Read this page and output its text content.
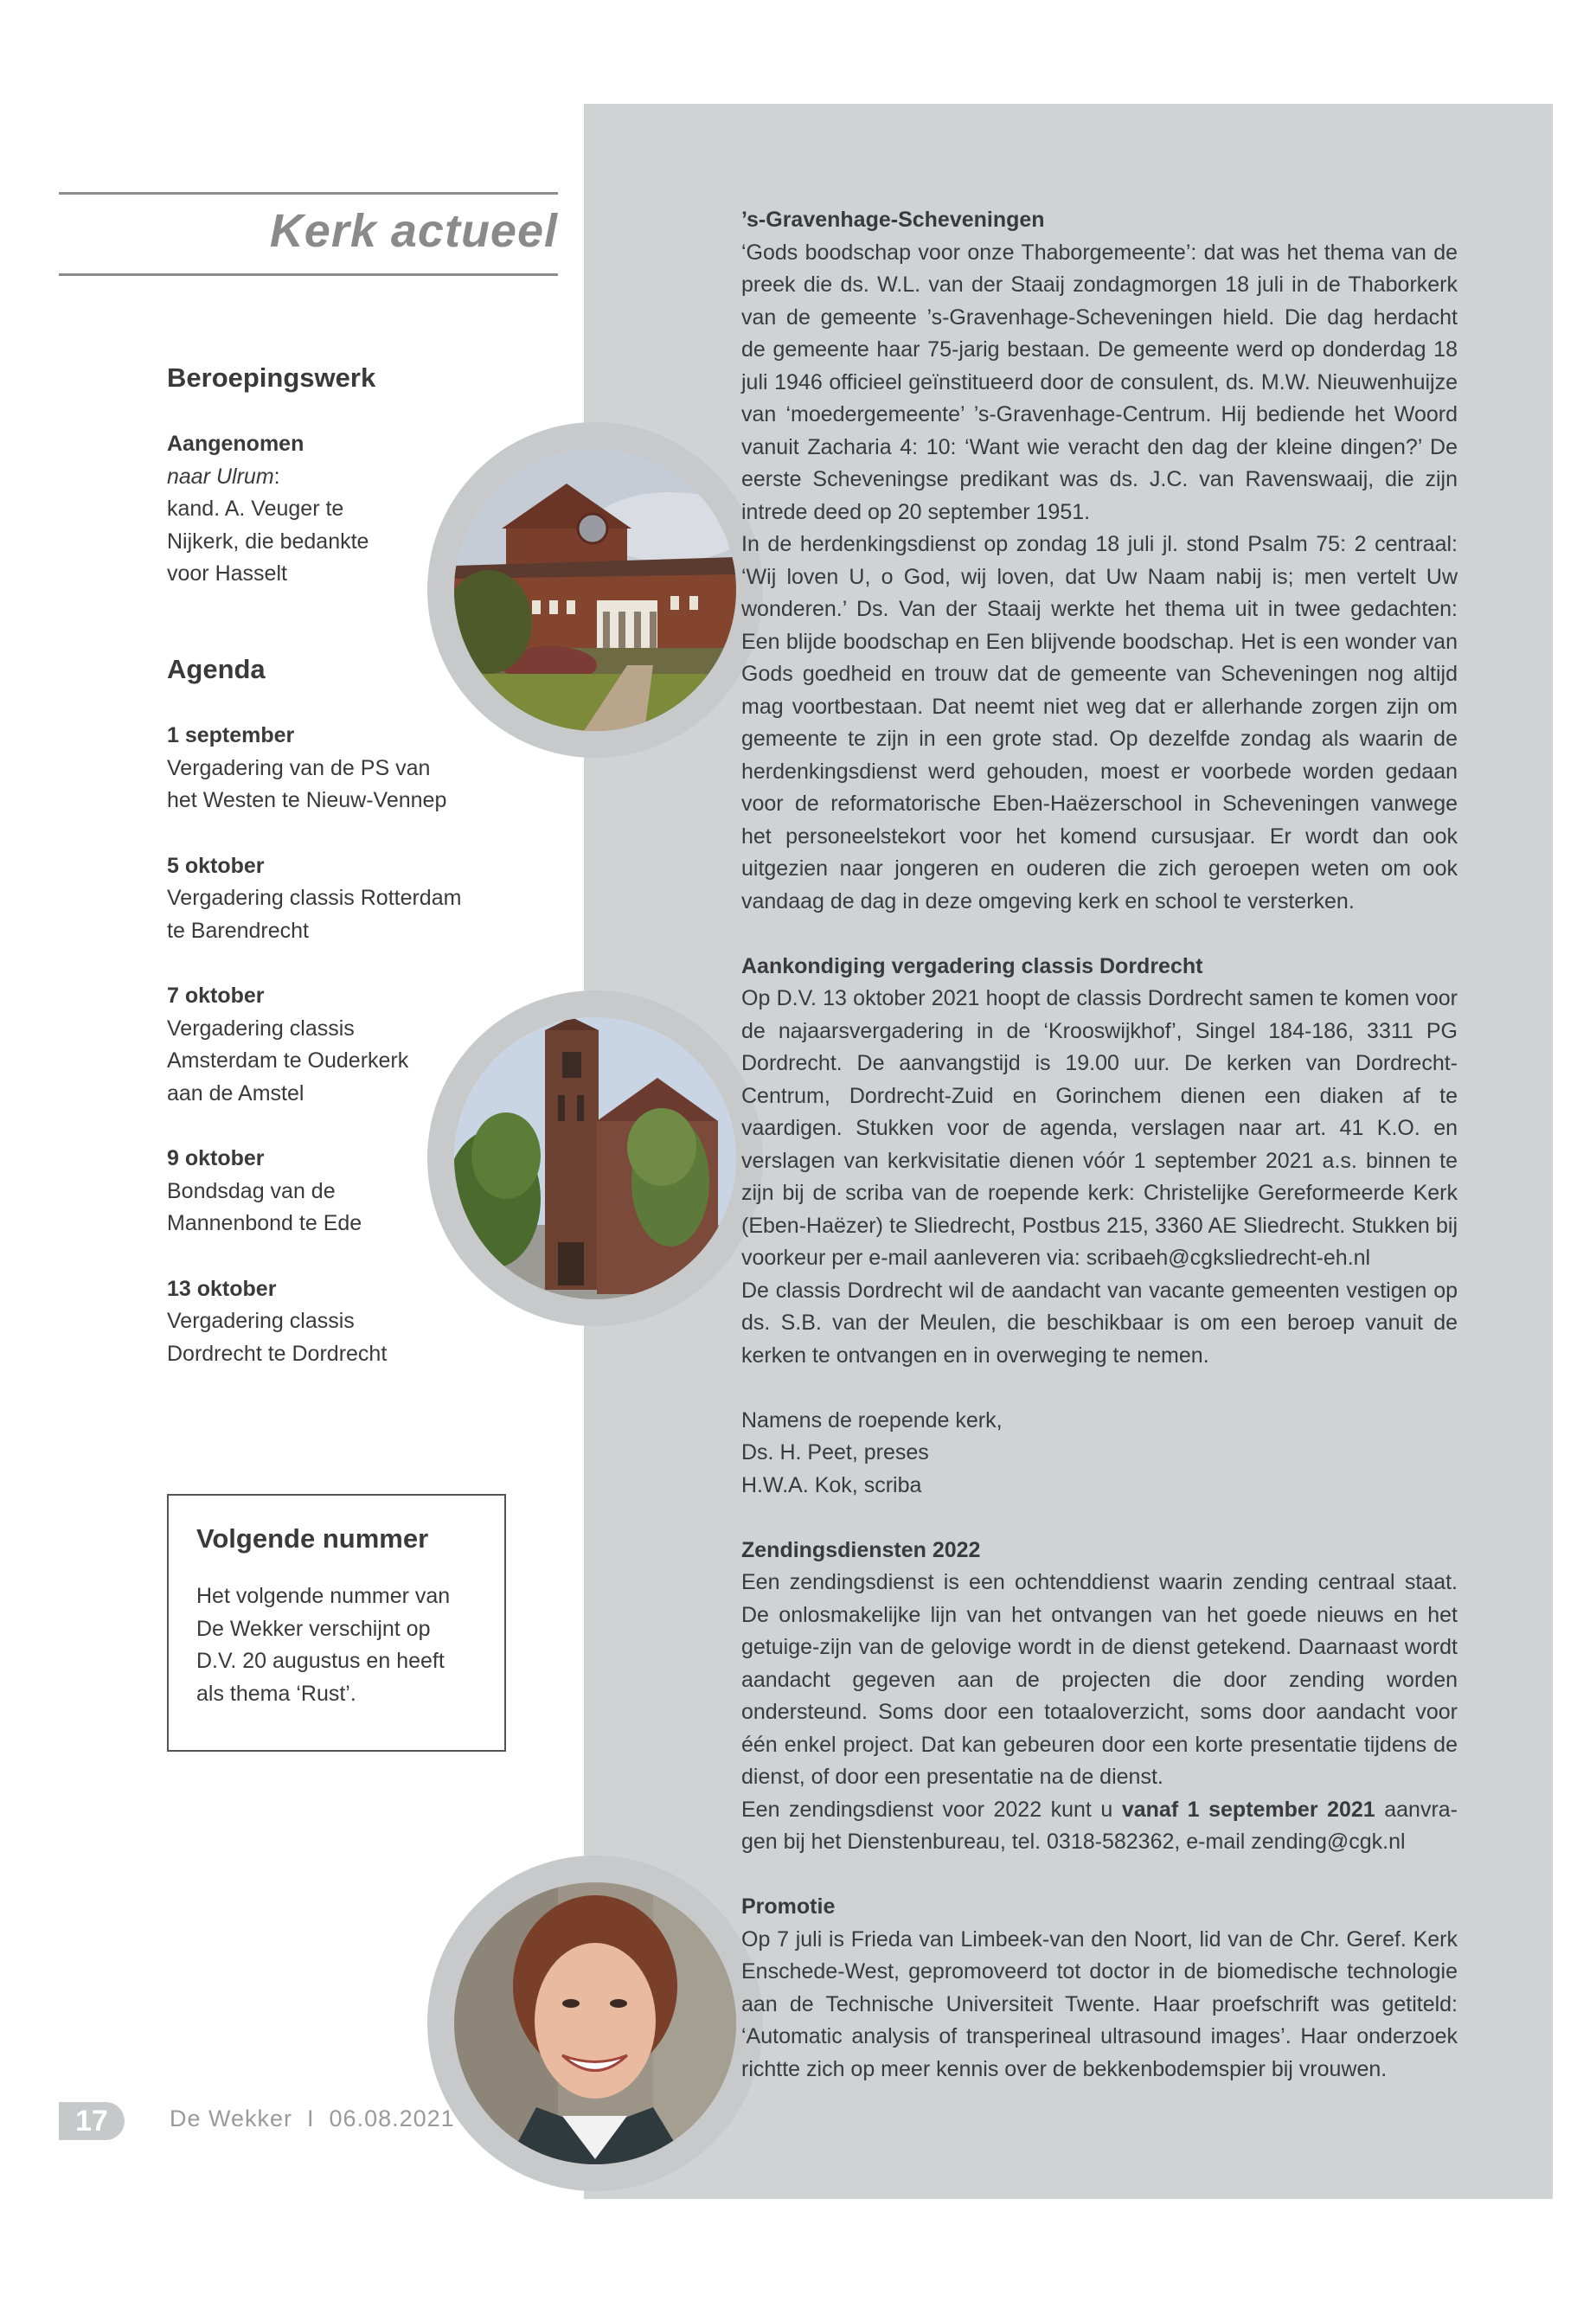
Kerk actueel
Beroepingswerk
Aangenomen
naar Ulrum:
kand. A. Veuger te
Nijkerk, die bedankte
voor Hasselt
Agenda
1 september
Vergadering van de PS van
het Westen te Nieuw-Vennep
5 oktober
Vergadering classis Rotterdam
te Barendrecht
7 oktober
Vergadering classis
Amsterdam te Ouderkerk
aan de Amstel
9 oktober
Bondsdag van de
Mannenbond te Ede
13 oktober
Vergadering classis
Dordrecht te Dordrecht
Volgende nummer
Het volgende nummer van
De Wekker verschijnt op
D.V. 20 augustus en heeft
als thema ‘Rust’.

’s-Gravenhage-Scheveningen

‘Gods boodschap voor onze Thaborgemeente’: dat was het thema van de preek die ds. W.L. van der Staaij zondagmorgen 18 juli in de Thaborkerk van de gemeente ’s-Gravenhage-Scheveningen hield. Die dag herdacht de gemeente haar 75-jarig bestaan. De gemeente werd op donderdag 18 juli 1946 officieel geïnstitueerd door de consulent, ds. M.W. Nieuwenhuijze van ‘moedergemeente’ ’s-Gravenhage-Centrum. Hij bediende het Woord vanuit Zacharia 4: 10: ‘Want wie veracht den dag der kleine dingen?’ De eerste Scheveningse predikant was ds. J.C. van Ravenswaaij, die zijn intrede deed op 20 september 1951.

In de herdenkingsdienst op zondag 18 juli jl. stond Psalm 75: 2 centraal: ‘Wij loven U, o God, wij loven, dat Uw Naam nabij is; men vertelt Uw wonderen.’ Ds. Van der Staaij werkte het thema uit in twee gedachten: Een blijde boodschap en Een blijvende boodschap. Het is een wonder van Gods goedheid en trouw dat de gemeente van Scheveningen nog altijd mag voortbestaan. Dat neemt niet weg dat er allerhande zorgen zijn om gemeente te zijn in een grote stad. Op dezelfde zondag als waarin de herdenkingsdienst werd gehouden, moest er voorbede worden gedaan voor de reformatorische Eben-Haëzerschool in Scheveningen vanwege het personeelstekort voor het komend cursusjaar. Er wordt dan ook uitgezien naar jongeren en ouderen die zich geroepen weten om ook vandaag de dag in deze omgeving kerk en school te versterken.

Aankondiging vergadering classis Dordrecht

Op D.V. 13 oktober 2021 hoopt de classis Dordrecht samen te komen voor de najaarsvergadering in de ‘Krooswijkhof’, Singel 184-186, 3311 PG Dordrecht. De aanvangstijd is 19.00 uur. De kerken van Dordrecht-Centrum, Dordrecht-Zuid en Gorinchem dienen een diaken af te vaardigen. Stukken voor de agenda, verslagen naar art. 41 K.O. en verslagen van kerkvisitatie dienen vóór 1 september 2021 a.s. binnen te zijn bij de scriba van de roepende kerk: Christelijke Gereformeerde Kerk (Eben-Haëzer) te Sliedrecht, Postbus 215, 3360 AE Sliedrecht. Stukken bij voorkeur per e-mail aanleveren via: scribaeh@cgksliedrecht-eh.nl

De classis Dordrecht wil de aandacht van vacante gemeenten vestigen op ds. S.B. van der Meulen, die beschikbaar is om een beroep vanuit de kerken te ontvangen en in overweging te nemen.

Namens de roepende kerk,

Ds. H. Peet, preses

H.W.A. Kok, scriba

Zendingsdiensten 2022

Een zendingsdienst is een ochtenddienst waarin zending centraal staat. De onlosmakelijke lijn van het ontvangen van het goede nieuws en het getuige-zijn van de gelovige wordt in de dienst getekend. Daarnaast wordt aandacht gegeven aan de projecten die door zending worden ondersteund. Soms door een totaaloverzicht, soms door aandacht voor één enkel project. Dat kan gebeuren door een korte presentatie tijdens de dienst, of door een presentatie na de dienst.

Een zendingsdienst voor 2022 kunt u vanaf 1 september 2021 aanvra-gen bij het Dienstenbureau, tel. 0318-582362, e-mail zending@cgk.nl

Promotie

Op 7 juli is Frieda van Limbeek-van den Noort, lid van de Chr. Geref. Kerk Enschede-West, gepromoveerd tot doctor in de biomedische technologie aan de Technische Universiteit Twente. Haar proefschrift was getiteld: ‘Automatic analysis of transperineal ultrasound images’. Haar onderzoek richtte zich op meer kennis over de bekkenbodemspier bij vrouwen.

17	De Wekker  I  06.08.2021
